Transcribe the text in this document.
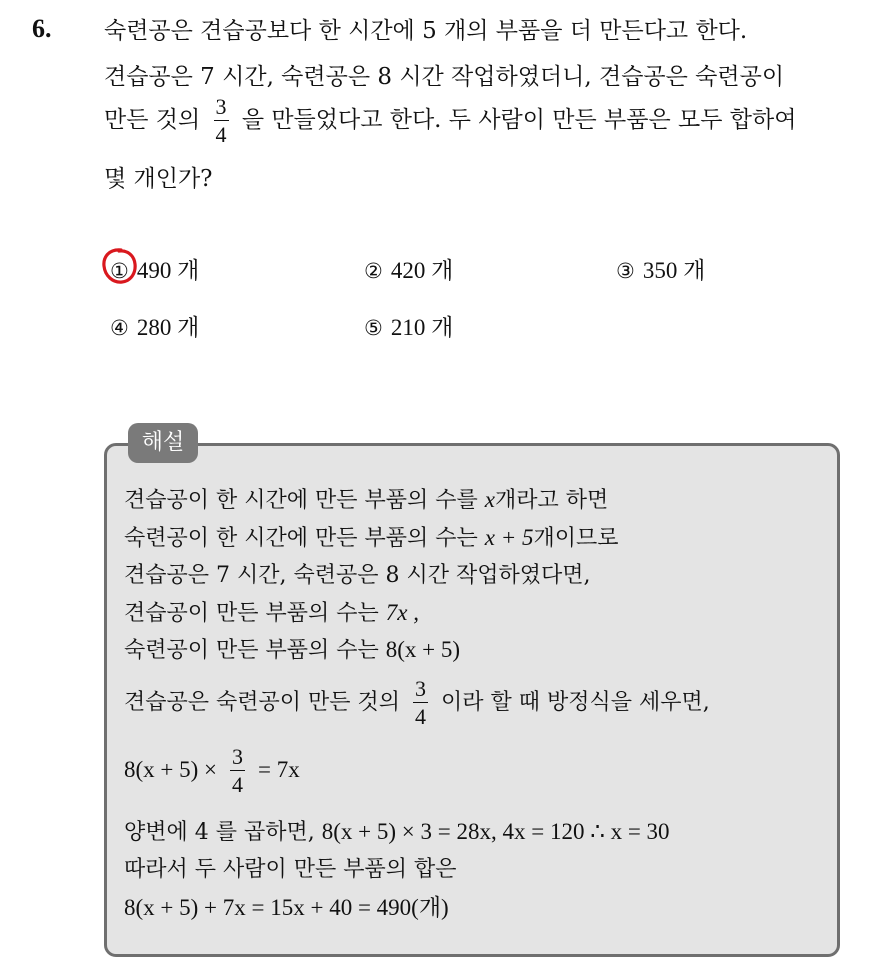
6. 숙련공은 견습공보다 한 시간에 5 개의 부품을 더 만든다고 한다.
견습공은 7 시간, 숙련공은 8 시간 작업하였더니, 견습공은 숙련공이
만든 것의 $\frac{3}{4}$ 을 만들었다고 한다. 두 사람이 만든 부품은 모두 합하여
몇 개인가?
① 490 개	② 420 개	③ 350 개
④ 280 개	⑤ 210 개
해설
견습공이 한 시간에 만든 부품의 수를 x개라고 하면
숙련공이 한 시간에 만든 부품의 수는 x + 5개이므로
견습공은 7 시간, 숙련공은 8 시간 작업하였다면,
견습공이 만든 부품의 수는 7x ,
숙련공이 만든 부품의 수는 8(x + 5)
견습공은 숙련공이 만든 것의 $\frac{3}{4}$ 이라 할 때 방정식을 세우면,
$8(x + 5) \times \frac{3}{4} = 7x$
양변에 4 를 곱하면, 8(x + 5) × 3 = 28x, 4x = 120 ∴ x = 30
따라서 두 사람이 만든 부품의 합은
8(x + 5) + 7x = 15x + 40 = 490(개)
